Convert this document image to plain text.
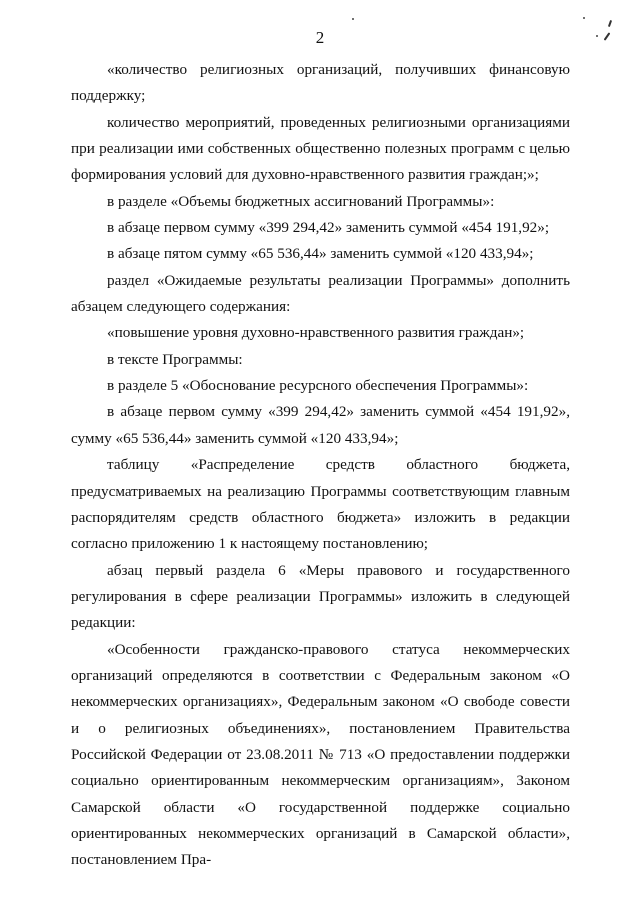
2

«количество религиозных организаций, получивших финансовую поддержку;

количество мероприятий, проведенных религиозными организациями при реализации ими собственных общественно полезных программ с целью формирования условий для духовно-нравственного развития граждан;»;

в разделе «Объемы бюджетных ассигнований Программы»:

в абзаце первом сумму «399 294,42» заменить суммой «454 191,92»;

в абзаце пятом сумму «65 536,44» заменить суммой «120 433,94»;

раздел «Ожидаемые результаты реализации Программы» дополнить абзацем следующего содержания:

«повышение уровня духовно-нравственного развития граждан»;

в тексте Программы:

в разделе 5 «Обоснование ресурсного обеспечения Программы»:

в абзаце первом сумму «399 294,42» заменить суммой «454 191,92», сумму «65 536,44» заменить суммой «120 433,94»;

таблицу «Распределение средств областного бюджета, предусматриваемых на реализацию Программы соответствующим главным распорядителям средств областного бюджета» изложить в редакции согласно приложению 1 к настоящему постановлению;

абзац первый раздела 6 «Меры правового и государственного регулирования в сфере реализации Программы» изложить в следующей редакции:

«Особенности гражданско-правового статуса некоммерческих организаций определяются в соответствии с Федеральным законом «О некоммерческих организациях», Федеральным законом «О свободе совести и о религиозных объединениях», постановлением Правительства Российской Федерации от 23.08.2011 № 713 «О предоставлении поддержки социально ориентированным некоммерческим организациям», Законом Самарской области «О государственной поддержке социально ориентированных некоммерческих организаций в Самарской области», постановлением Пра-
